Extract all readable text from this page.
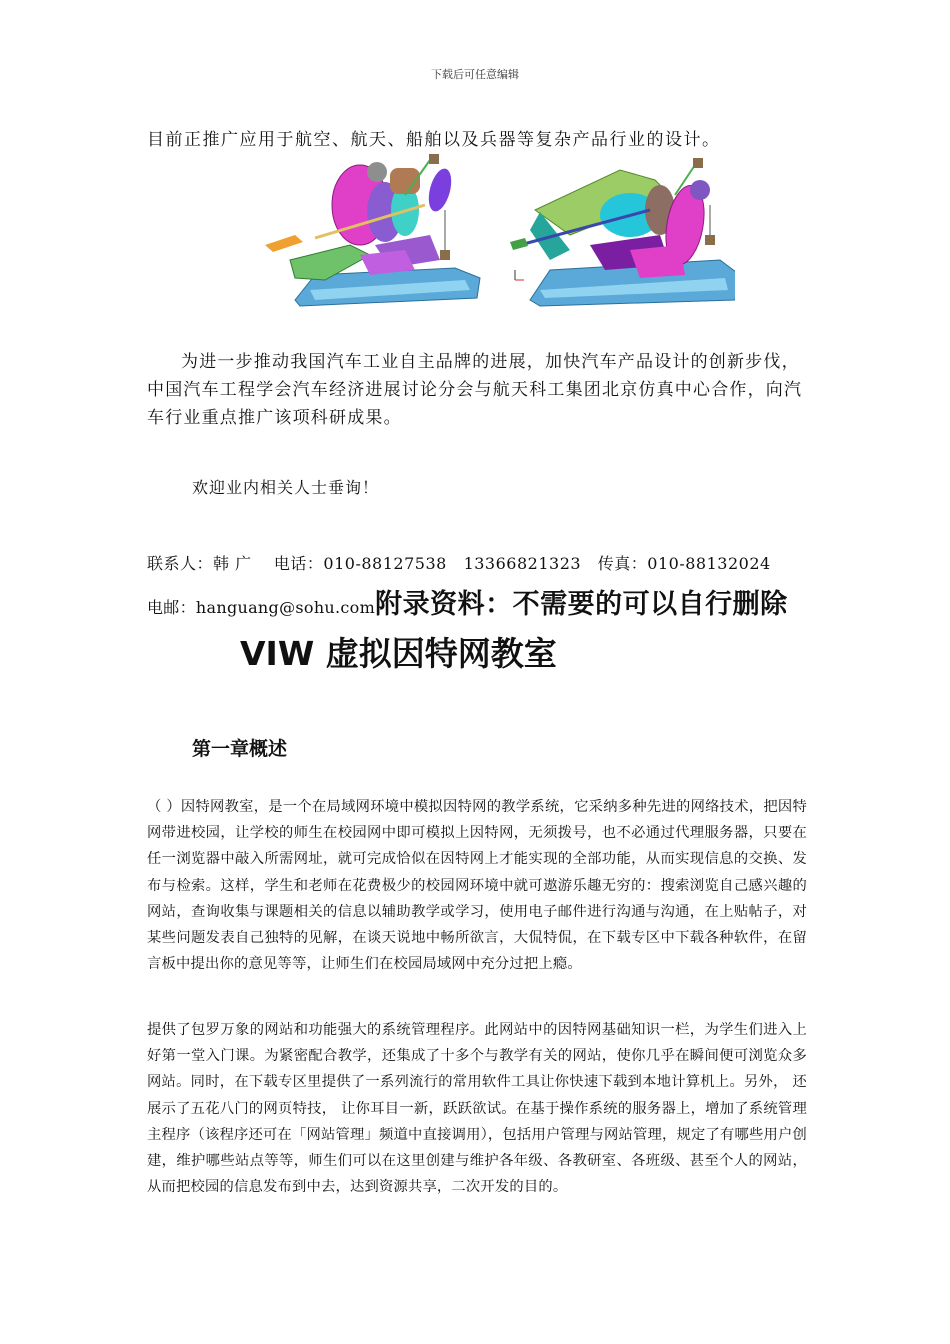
下载后可任意编辑
目前正推广应用于航空、航天、船舶以及兵器等复杂产品行业的设计。
为进一步推动我国汽车工业自主品牌的进展，加快汽车产品设计的创新步伐，中国汽车工程学会汽车经济进展讨论分会与航天科工集团北京仿真中心合作，向汽车行业重点推广该项科研成果。
欢迎业内相关人士垂询！
联系人：韩 广    电话：010-88127538   13366821323   传真：010-88132024
电邮：hanguang@sohu.com附录资料：不需要的可以自行删除
VIW 虚拟因特网教室
第一章概述
（ ）因特网教室，是一个在局域网环境中模拟因特网的教学系统，它采纳多种先进的网络技术，把因特网带进校园，让学校的师生在校园网中即可模拟上因特网，无须拨号，也不必通过代理服务器，只要在任一浏览器中敲入所需网址，就可完成恰似在因特网上才能实现的全部功能，从而实现信息的交换、发布与检索。这样，学生和老师在花费极少的校园网环境中就可遨游乐趣无穷的：搜索浏览自己感兴趣的网站，查询收集与课题相关的信息以辅助教学或学习，使用电子邮件进行沟通与沟通，在上贴帖子，对某些问题发表自己独特的见解，在谈天说地中畅所欲言，大侃特侃，在下载专区中下载各种软件，在留言板中提出你的意见等等，让师生们在校园局域网中充分过把上瘾。
提供了包罗万象的网站和功能强大的系统管理程序。此网站中的因特网基础知识一栏，为学生们进入上好第一堂入门课。为紧密配合教学，还集成了十多个与教学有关的网站，使你几乎在瞬间便可浏览众多网站。同时，在下载专区里提供了一系列流行的常用软件工具让你快速下载到本地计算机上。另外， 还展示了五花八门的网页特技， 让你耳目一新，跃跃欲试。在基于操作系统的服务器上，增加了系统管理主程序（该程序还可在「网站管理」频道中直接调用），包括用户管理与网站管理，规定了有哪些用户创建，维护哪些站点等等，师生们可以在这里创建与维护各年级、各教研室、各班级、甚至个人的网站，从而把校园的信息发布到中去，达到资源共享，二次开发的目的。
